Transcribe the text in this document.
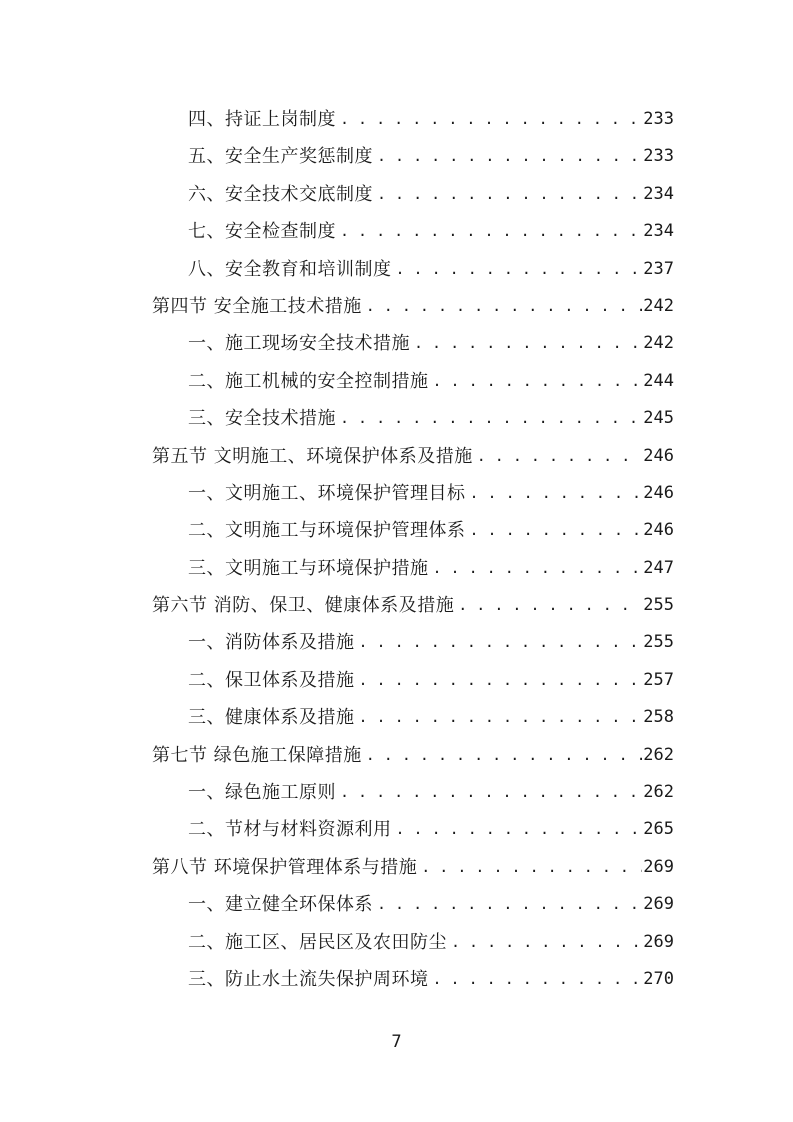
四、持证上岗制度 . . .	233
五、安全生产奖惩制度 . . .	233
六、安全技术交底制度 . . .	234
七、安全检查制度 . . .	234
八、安全教育和培训制度 . . .	237
第四节 安全施工技术措施 . . .	242
一、施工现场安全技术措施 . . .	242
二、施工机械的安全控制措施 . . .	244
三、安全技术措施 . . .	245
第五节 文明施工、环境保护体系及措施 . . .	246
一、文明施工、环境保护管理目标 . . .	246
二、文明施工与环境保护管理体系 . . .	246
三、文明施工与环境保护措施 . . .	247
第六节 消防、保卫、健康体系及措施 . . .	255
一、消防体系及措施 . . .	255
二、保卫体系及措施 . . .	257
三、健康体系及措施 . . .	258
第七节 绿色施工保障措施 . . .	262
一、绿色施工原则 . . .	262
二、节材与材料资源利用 . . .	265
第八节 环境保护管理体系与措施 . . .	269
一、建立健全环保体系 . . .	269
二、施工区、居民区及农田防尘 . . .	269
三、防止水土流失保护周环境 . . .	270
7
